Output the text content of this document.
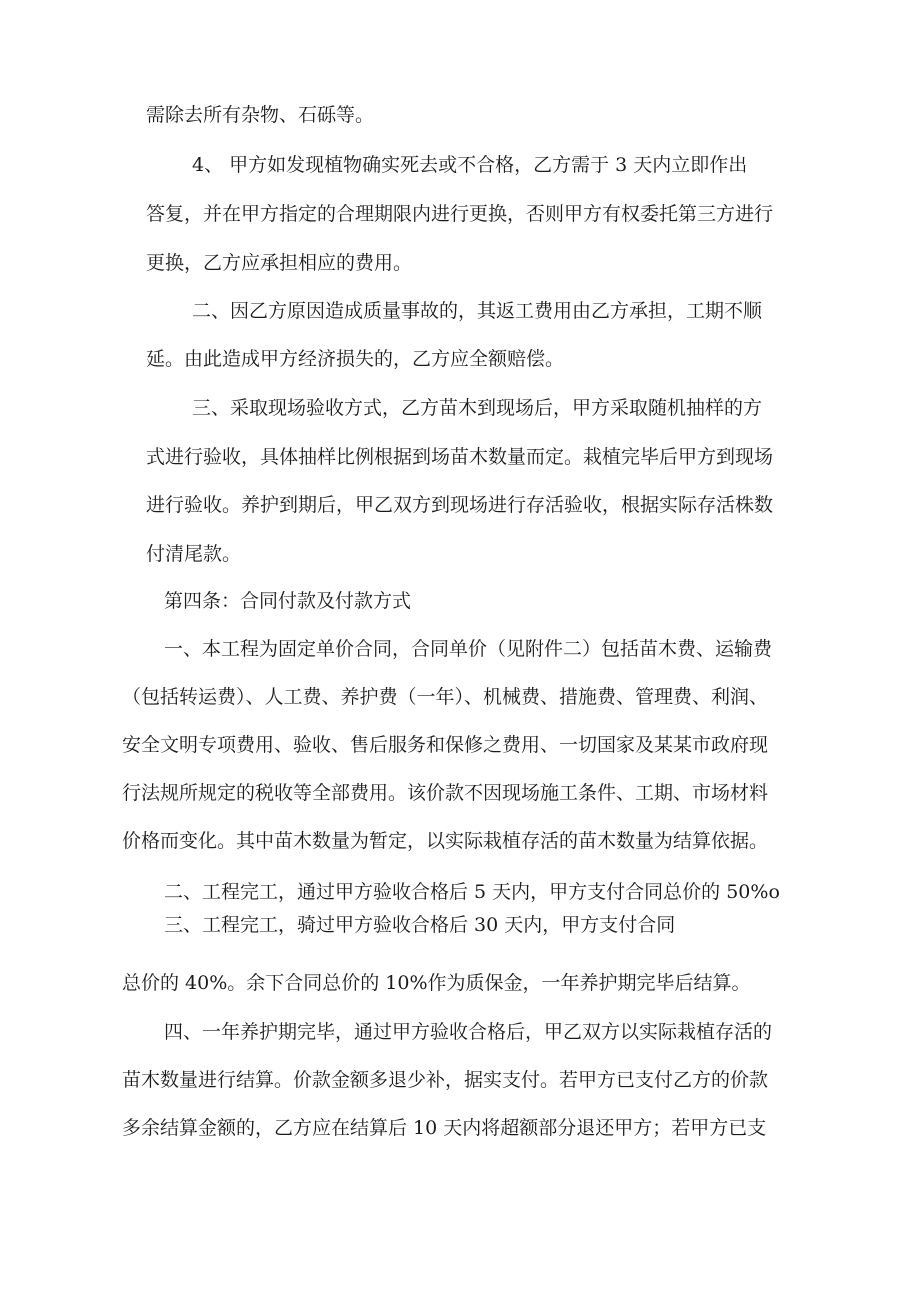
需除去所有杂物、石砾等。

4、 甲方如发现植物确实死去或不合格，乙方需于 3 天内立即作出

答复，并在甲方指定的合理期限内进行更换，否则甲方有权委托第三方进行

更换，乙方应承担相应的费用。

二、因乙方原因造成质量事故的，其返工费用由乙方承担，工期不顺

延。由此造成甲方经济损失的，乙方应全额赔偿。

三、采取现场验收方式，乙方苗木到现场后，甲方采取随机抽样的方

式进行验收，具体抽样比例根据到场苗木数量而定。栽植完毕后甲方到现场

进行验收。养护到期后，甲乙双方到现场进行存活验收，根据实际存活株数

付清尾款。

第四条：合同付款及付款方式

一、本工程为固定单价合同，合同单价（见附件二）包括苗木费、运输费

（包括转运费）、人工费、养护费（一年）、机械费、措施费、管理费、利润、

安全文明专项费用、验收、售后服务和保修之费用、一切国家及某某市政府现

行法规所规定的税收等全部费用。该价款不因现场施工条件、工期、市场材料

价格而变化。其中苗木数量为暂定，以实际栽植存活的苗木数量为结算依据。

二、工程完工，通过甲方验收合格后 5 天内，甲方支付合同总价的 50%o

三、工程完工，骑过甲方验收合格后 30 天内，甲方支付合同

总价的 40%。余下合同总价的 10%作为质保金，一年养护期完毕后结算。

四、一年养护期完毕，通过甲方验收合格后，甲乙双方以实际栽植存活的

苗木数量进行结算。价款金额多退少补，据实支付。若甲方已支付乙方的价款

多余结算金额的，乙方应在结算后 10 天内将超额部分退还甲方；若甲方已支
